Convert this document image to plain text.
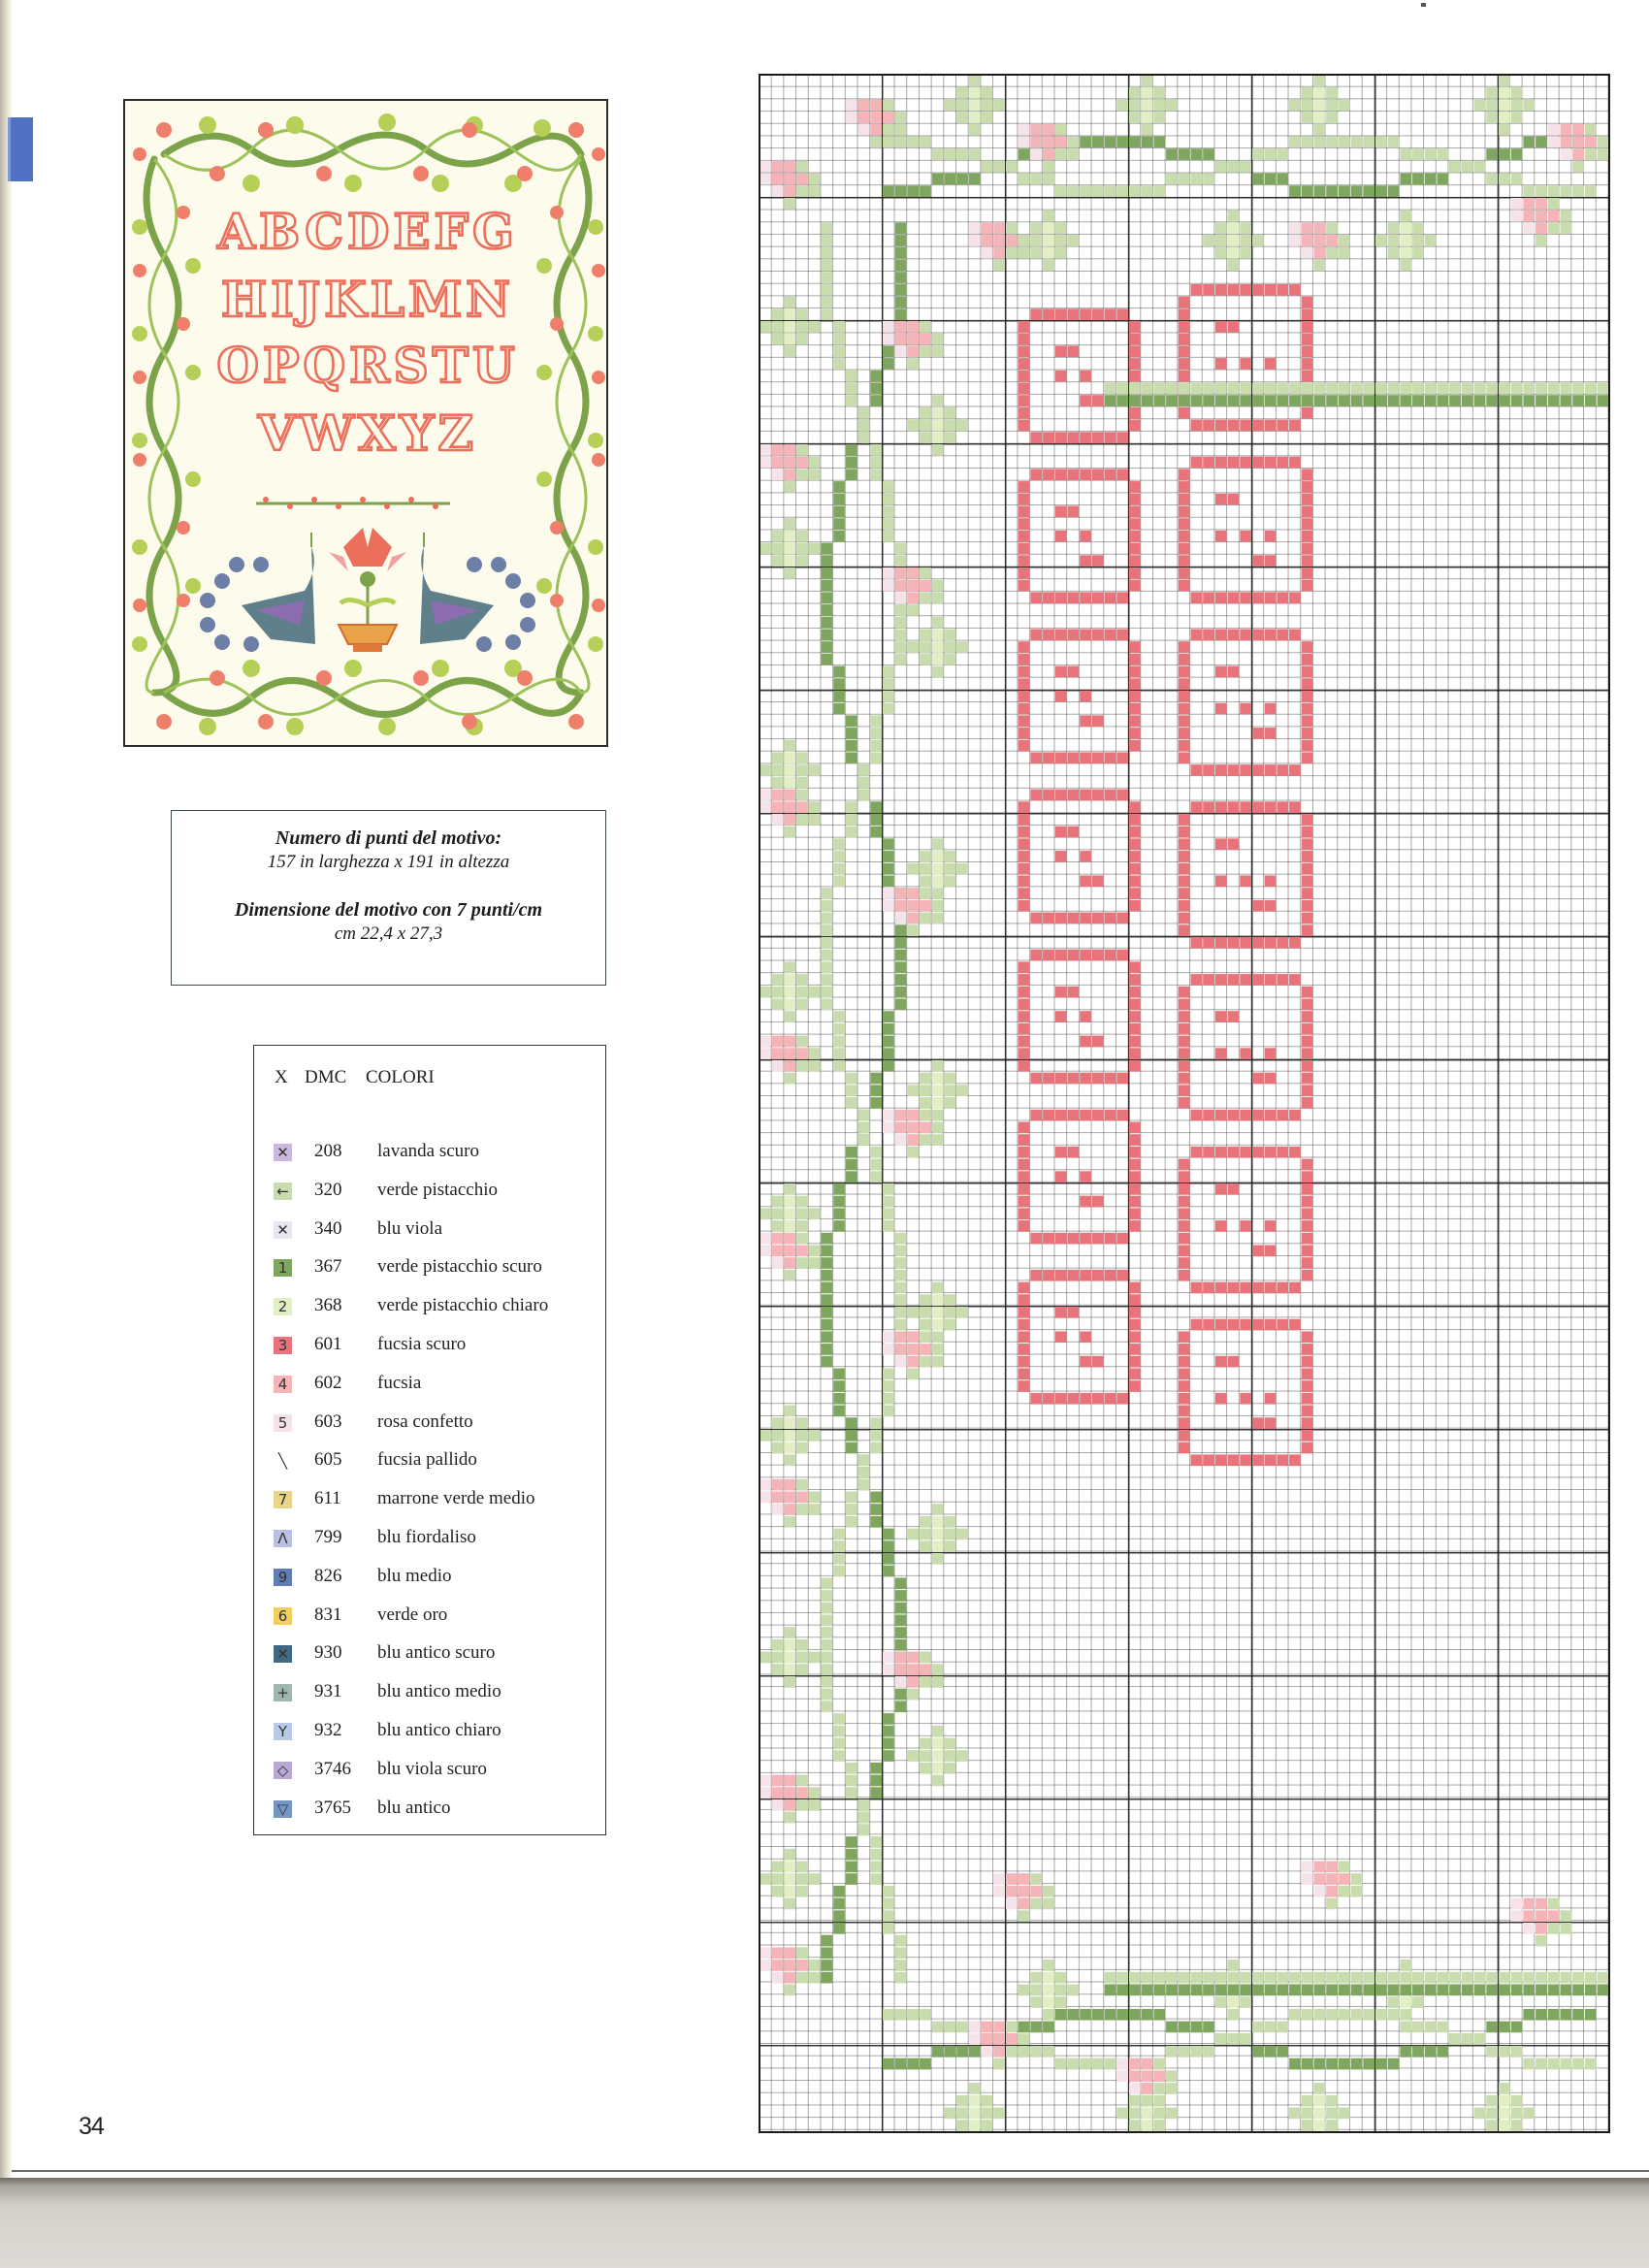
ABCDEFG
HIJKLMN
OPQRSTU
VWXYZ
Numero di punti del motivo:
157 in larghezza x 191 in altezza
Dimensione del motivo con 7 punti/cm
cm 22,4 x 27,3
X DMC COLORI
✕ 208 lavanda scuro
← 320 verde pistacchio
✕ 340 blu viola
1 367 verde pistacchio scuro
2 368 verde pistacchio chiaro
3 601 fucsia scuro
4 602 fucsia
5 603 rosa confetto
╲ 605 fucsia pallido
7 611 marrone verde medio
Λ 799 blu fiordaliso
9 826 blu medio
6 831 verde oro
✕ 930 blu antico scuro
+ 931 blu antico medio
Y 932 blu antico chiaro
◇ 3746 blu viola scuro
▽ 3765 blu antico
34
